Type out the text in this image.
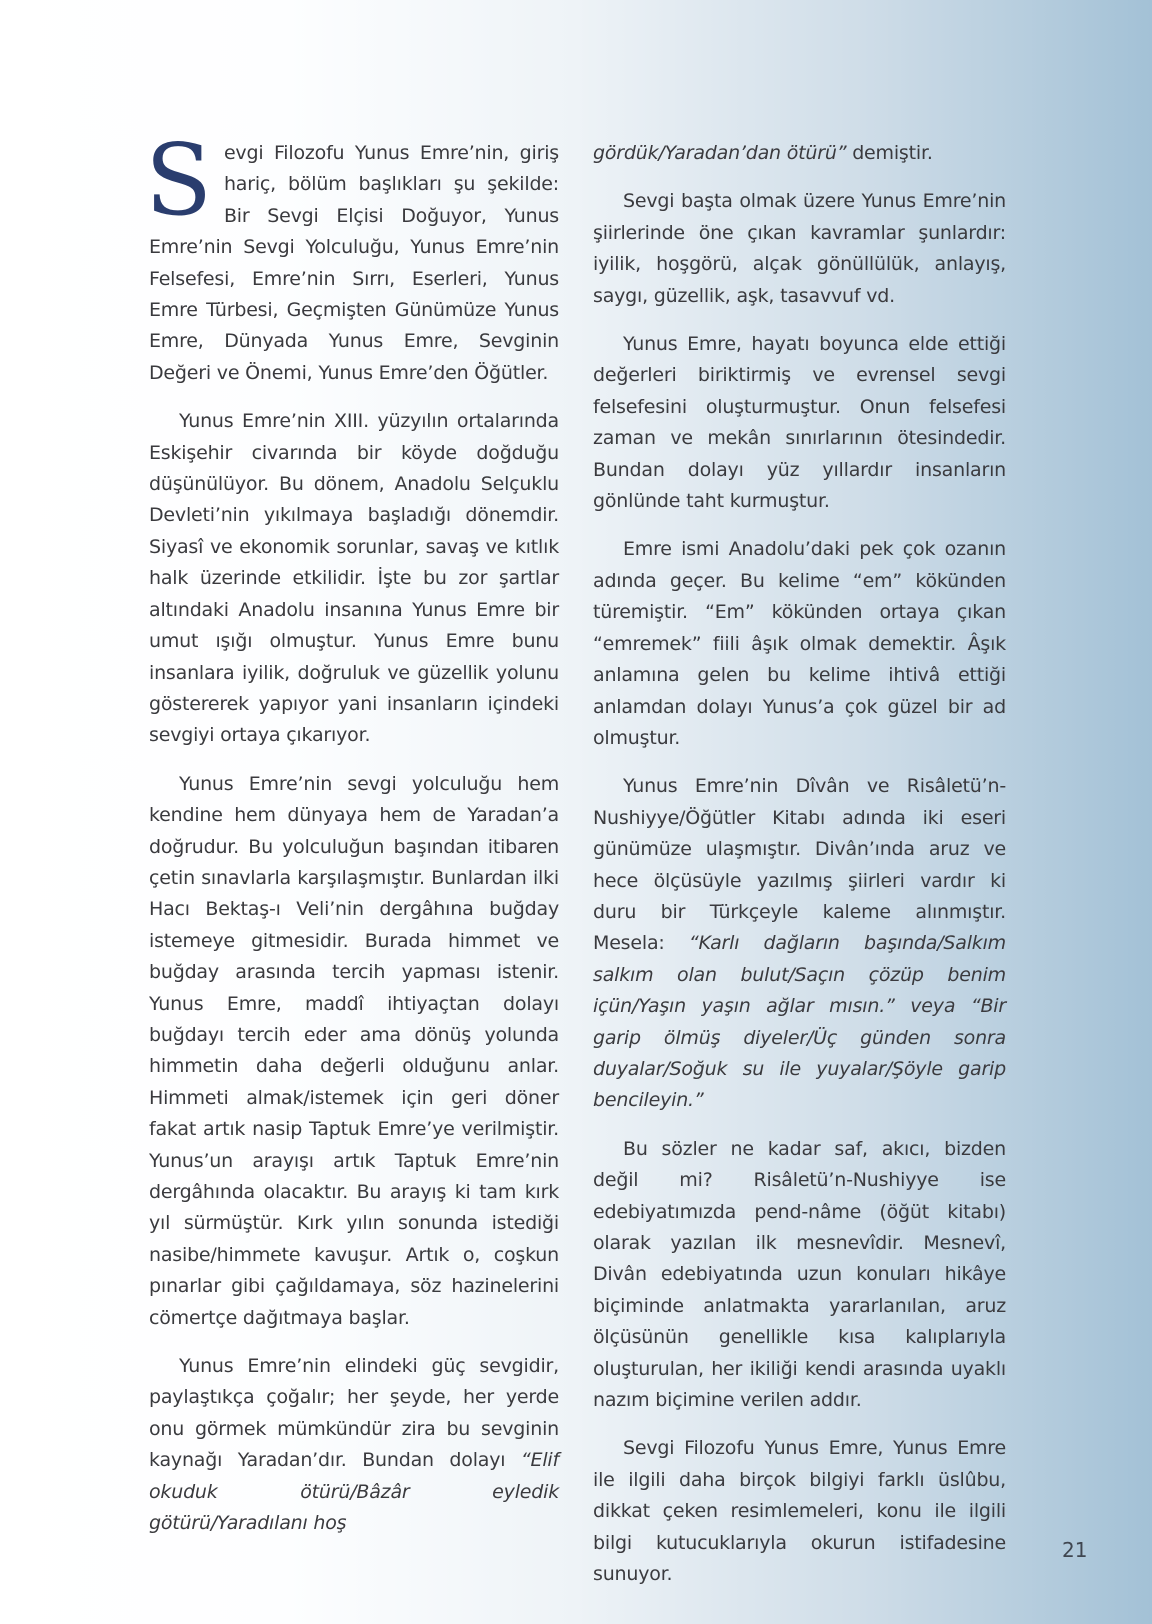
Sevgi Filozofu Yunus Emre’nin, giriş hariç, bölüm başlıkları şu şekilde: Bir Sevgi Elçisi Doğuyor, Yunus Emre’nin Sevgi Yolculuğu, Yunus Emre’nin Felsefesi, Emre’nin Sırrı, Eserleri, Yunus Emre Türbesi, Geçmişten Günümüze Yunus Emre, Dünyada Yunus Emre, Sevginin Değeri ve Önemi, Yunus Emre’den Öğütler.

Yunus Emre’nin XIII. yüzyılın ortalarında Eskişehir civarında bir köyde doğduğu düşünülüyor. Bu dönem, Anadolu Selçuklu Devleti’nin yıkılmaya başladığı dönemdir. Siyasî ve ekonomik sorunlar, savaş ve kıtlık halk üzerinde etkilidir. İşte bu zor şartlar altındaki Anadolu insanına Yunus Emre bir umut ışığı olmuştur. Yunus Emre bunu insanlara iyilik, doğruluk ve güzellik yolunu göstererek yapıyor yani insanların içindeki sevgiyi ortaya çıkarıyor.

Yunus Emre’nin sevgi yolculuğu hem kendine hem dünyaya hem de Yaradan’a doğrudur. Bu yolculuğun başından itibaren çetin sınavlarla karşılaşmıştır. Bunlardan ilki Hacı Bektaş-ı Veli’nin dergâhına buğday istemeye gitmesidir. Burada himmet ve buğday arasında tercih yapması istenir. Yunus Emre, maddî ihtiyaçtan dolayı buğdayı tercih eder ama dönüş yolunda himmetin daha değerli olduğunu anlar. Himmeti almak/istemek için geri döner fakat artık nasip Taptuk Emre’ye verilmiştir. Yunus’un arayışı artık Taptuk Emre’nin dergâhında olacaktır. Bu arayış ki tam kırk yıl sürmüştür. Kırk yılın sonunda istediği nasibe/himmete kavuşur. Artık o, coşkun pınarlar gibi çağıldamaya, söz hazinelerini cömertçe dağıtmaya başlar.

Yunus Emre’nin elindeki güç sevgidir, paylaştıkça çoğalır; her şeyde, her yerde onu görmek mümkündür zira bu sevginin kaynağı Yaradan’dır. Bundan dolayı “Elif okuduk ötürü/Bâzâr eyledik götürü/Yaradılanı hoş

gördük/Yaradan’dan ötürü” demiştir.

Sevgi başta olmak üzere Yunus Emre’nin şiirlerinde öne çıkan kavramlar şunlardır: iyilik, hoşgörü, alçak gönüllülük, anlayış, saygı, güzellik, aşk, tasavvuf vd.

Yunus Emre, hayatı boyunca elde ettiği değerleri biriktirmiş ve evrensel sevgi felsefesini oluşturmuştur. Onun felsefesi zaman ve mekân sınırlarının ötesindedir. Bundan dolayı yüz yıllardır insanların gönlünde taht kurmuştur.

Emre ismi Anadolu’daki pek çok ozanın adında geçer. Bu kelime “em” kökünden türemiştir. “Em” kökünden ortaya çıkan “emremek” fiili âşık olmak demektir. Âşık anlamına gelen bu kelime ihtivâ ettiği anlamdan dolayı Yunus’a çok güzel bir ad olmuştur.

Yunus Emre’nin Dîvân ve Risâletü’n-Nushiyye/Öğütler Kitabı adında iki eseri günümüze ulaşmıştır. Divân’ında aruz ve hece ölçüsüyle yazılmış şiirleri vardır ki duru bir Türkçeyle kaleme alınmıştır. Mesela: “Karlı dağların başında/Salkım salkım olan bulut/Saçın çözüp benim içün/Yaşın yaşın ağlar mısın.” veya “Bir garip ölmüş diyeler/Üç günden sonra duyalar/Soğuk su ile yuyalar/Şöyle garip bencileyin.”

Bu sözler ne kadar saf, akıcı, bizden değil mi? Risâletü’n-Nushiyye ise edebiyatımızda pend-nâme (öğüt kitabı) olarak yazılan ilk mesnevîdir. Mesnevî, Divân edebiyatında uzun konuları hikâye biçiminde anlatmakta yararlanılan, aruz ölçüsünün genellikle kısa kalıplarıyla oluşturulan, her ikiliği kendi arasında uyaklı nazım biçimine verilen addır.

Sevgi Filozofu Yunus Emre, Yunus Emre ile ilgili daha birçok bilgiyi farklı üslûbu, dikkat çeken resimlemeleri, konu ile ilgili bilgi kutucuklarıyla okurun istifadesine sunuyor.

21
